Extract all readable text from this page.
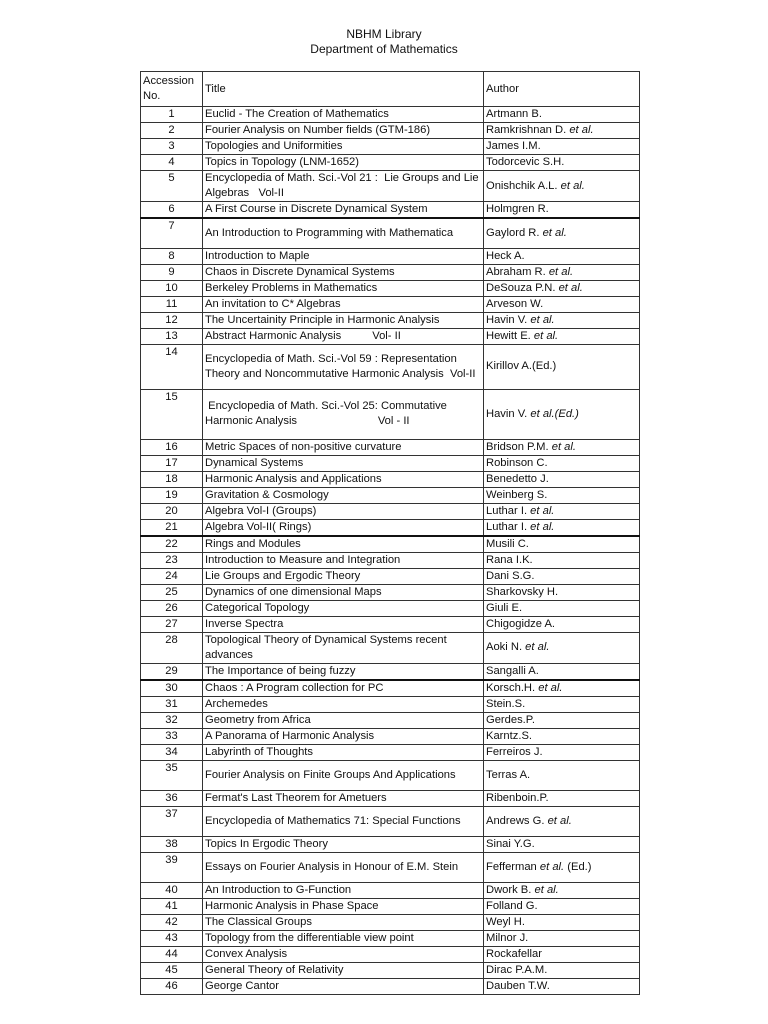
NBHM Library
Department of Mathematics
Accession
No.	Title	Author
1	Euclid - The Creation of Mathematics	Artmann B.
2	Fourier Analysis on Number fields (GTM-186)	Ramkrishnan D. et al.
3	Topologies and Uniformities	James I.M.
4	Topics in Topology (LNM-1652)	Todorcevic S.H.
5	Encyclopedia of Math. Sci.-Vol 21 :  Lie Groups and Lie Algebras   Vol-II	Onishchik A.L. et al.
6	A First Course in Discrete Dynamical System	Holmgren R.
7	An Introduction to Programming with Mathematica	Gaylord R. et al.
8	Introduction to Maple	Heck A.
9	Chaos in Discrete Dynamical Systems	Abraham R. et al.
10	Berkeley Problems in Mathematics	DeSouza P.N. et al.
11	An invitation to C* Algebras	Arveson W.
12	The Uncertainity Principle in Harmonic Analysis	Havin V. et al.
13	Abstract Harmonic Analysis          Vol- II	Hewitt E. et al.
14	Encyclopedia of Math. Sci.-Vol 59 : Representation Theory and Noncommutative Harmonic Analysis  Vol-II	Kirillov A.(Ed.)
15	Encyclopedia of Math. Sci.-Vol 25: Commutative Harmonic Analysis                          Vol - II	Havin V. et al.(Ed.)
16	Metric Spaces of non-positive curvature	Bridson P.M. et al.
17	Dynamical Systems	Robinson C.
18	Harmonic Analysis and Applications	Benedetto J.
19	Gravitation & Cosmology	Weinberg S.
20	Algebra Vol-I (Groups)	Luthar I. et al.
21	Algebra Vol-II( Rings)	Luthar I. et al.
22	Rings and Modules	Musili C.
23	Introduction to Measure and Integration	Rana I.K.
24	Lie Groups and Ergodic Theory	Dani S.G.
25	Dynamics of one dimensional Maps	Sharkovsky H.
26	Categorical Topology	Giuli E.
27	Inverse Spectra	Chigogidze A.
28	Topological Theory of Dynamical Systems recent advances	Aoki N. et al.
29	The Importance of being fuzzy	Sangalli A.
30	Chaos : A Program collection for PC	Korsch.H. et al.
31	Archemedes	Stein.S.
32	Geometry from Africa	Gerdes.P.
33	A Panorama of Harmonic Analysis	Karntz.S.
34	Labyrinth of Thoughts	Ferreiros J.
35	Fourier Analysis on Finite Groups And Applications	Terras A.
36	Fermat's Last Theorem for Ametuers	Ribenboin.P.
37	Encyclopedia of Mathematics 71: Special Functions	Andrews G. et al.
38	Topics In Ergodic Theory	Sinai Y.G.
39	Essays on Fourier Analysis in Honour of E.M. Stein	Fefferman et al. (Ed.)
40	An Introduction to G-Function	Dwork B. et al.
41	Harmonic Analysis in Phase Space	Folland G.
42	The Classical Groups	Weyl H.
43	Topology from the differentiable view point	Milnor J.
44	Convex Analysis	Rockafellar
45	General Theory of Relativity	Dirac P.A.M.
46	George Cantor	Dauben T.W.
